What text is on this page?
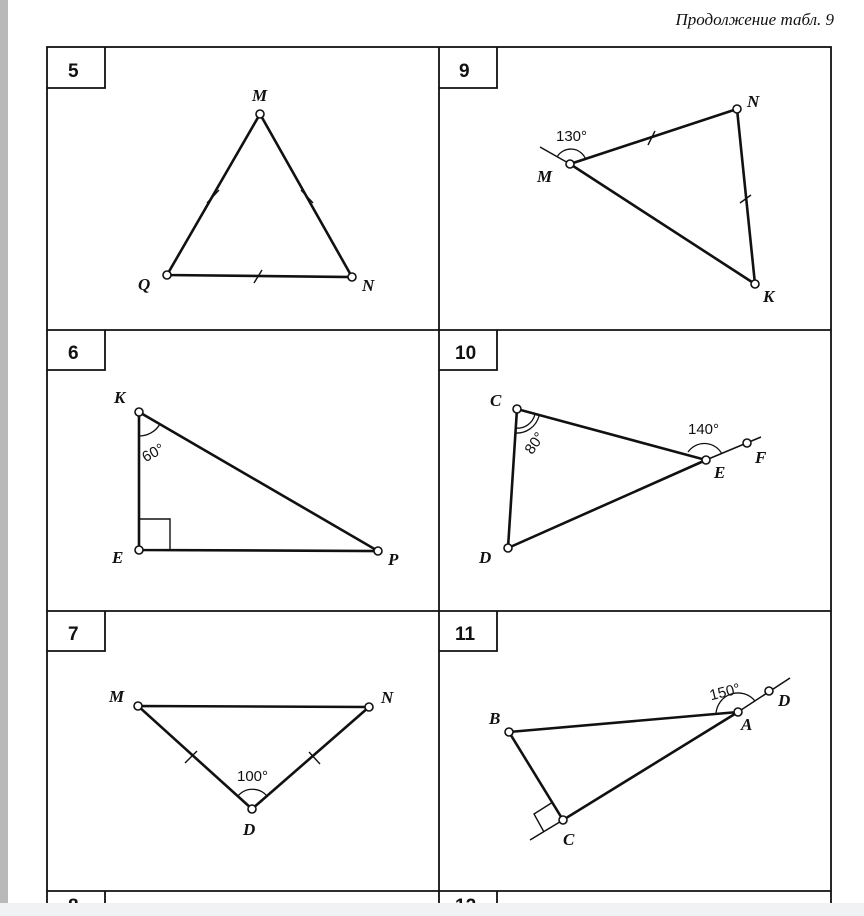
Продолжение табл. 9
5	9
6	10
7	11
M
Q	N
N
M
K
130°
K
E	P
60°
C
D
E
F
80°	140°
M	N
D
100°
B	A
D
C
150°
